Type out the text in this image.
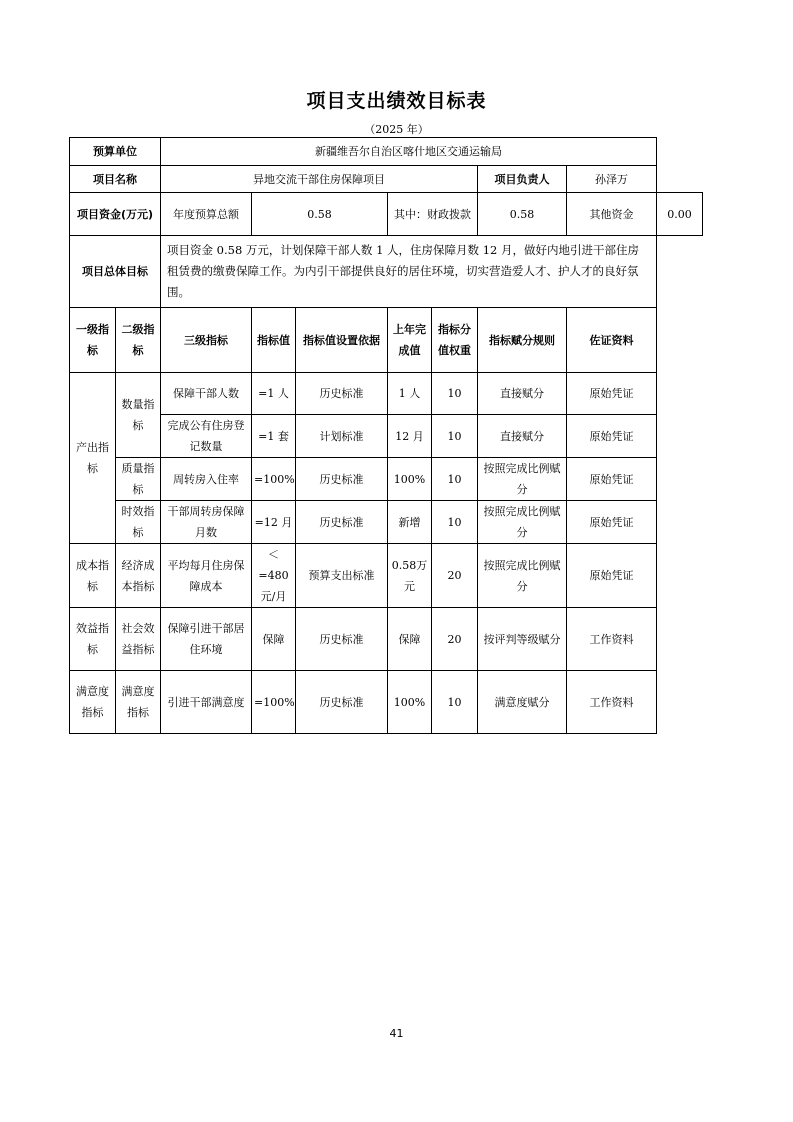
项目支出绩效目标表
（2025 年）
预算单位		新疆维吾尔自治区喀什地区交通运输局							
项目名称		异地交流干部住房保障项目					项目负责人	孙泽万	
项目资金(万元)		年度预算总额	0.58		其中：财政拨款		0.58	其他资金	0.00
项目总体目标		项目资金 0.58 万元，计划保障干部人数 1 人，住房保障月数 12 月，做好内地引进干部住房租赁费的缴费保障工作。为内引干部提供良好的居住环境，切实营造爱人才、护人才的良好氛围。							
一级指标	二级指标	三级指标	指标值	指标值设置依据	上年完成值	指标分值权重	指标赋分规则	佐证资料	
产出指标	数量指标	保障干部人数	=1 人	历史标准	1 人	10	直接赋分	原始凭证	
		完成公有住房登记数量	=1 套	计划标准	12 月	10	直接赋分	原始凭证	
	质量指标	周转房入住率	=100%	历史标准	100%	10	按照完成比例赋分	原始凭证	
	时效指标	干部周转房保障月数	=12 月	历史标准	新增	10	按照完成比例赋分	原始凭证	
成本指标	经济成本指标	平均每月住房保障成本	＜=480元/月	预算支出标准	0.58万元	20	按照完成比例赋分	原始凭证	
效益指标	社会效益指标	保障引进干部居住环境	保障	历史标准	保障	20	按评判等级赋分	工作资料	
满意度指标	满意度指标	引进干部满意度	=100%	历史标准	100%	10	满意度赋分	工作资料	
41
